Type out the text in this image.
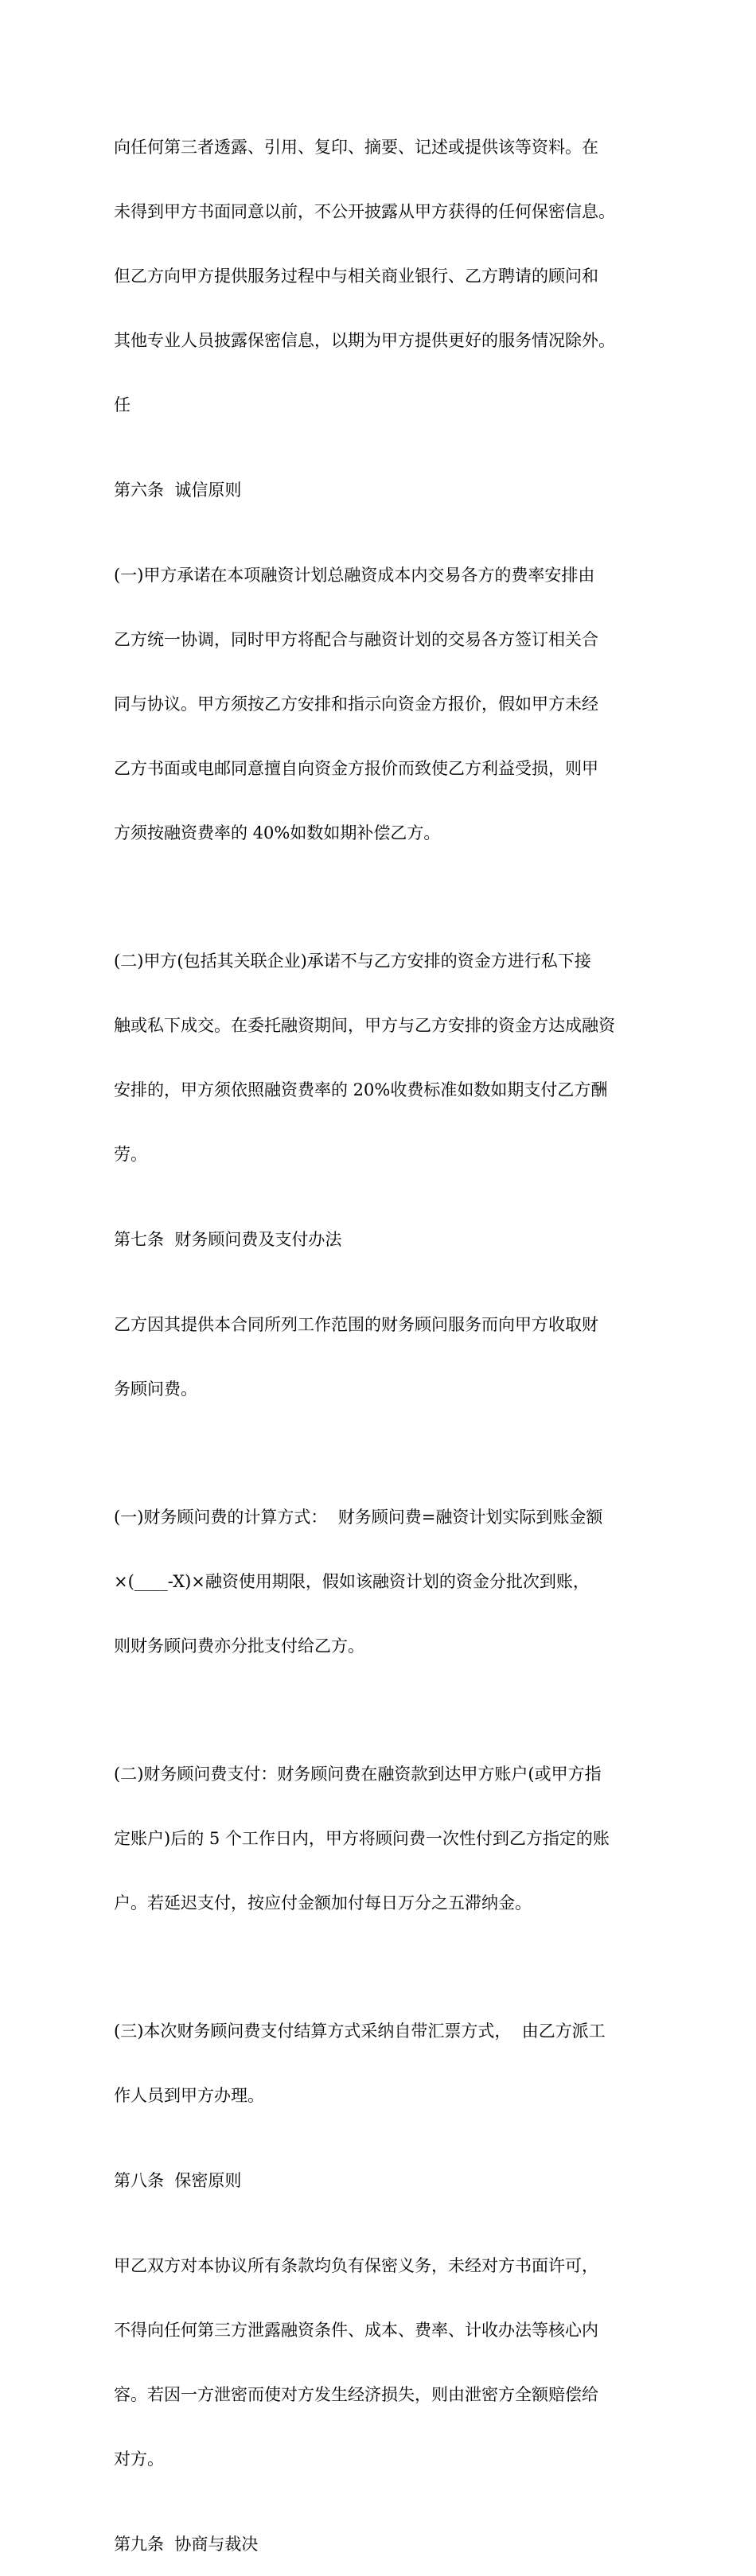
向任何第三者透露、引用、复印、摘要、记述或提供该等资料。在

未得到甲方书面同意以前，不公开披露从甲方获得的任何保密信息。

但乙方向甲方提供服务过程中与相关商业银行、乙方聘请的顾问和

其他专业人员披露保密信息，以期为甲方提供更好的服务情况除外。

任

第六条  诚信原则

(一)甲方承诺在本项融资计划总融资成本内交易各方的费率安排由

乙方统一协调，同时甲方将配合与融资计划的交易各方签订相关合

同与协议。甲方须按乙方安排和指示向资金方报价，假如甲方未经

乙方书面或电邮同意擅自向资金方报价而致使乙方利益受损，则甲

方须按融资费率的 40%如数如期补偿乙方。

(二)甲方(包括其关联企业)承诺不与乙方安排的资金方进行私下接

触或私下成交。在委托融资期间，甲方与乙方安排的资金方达成融资

安排的，甲方须依照融资费率的 20%收费标准如数如期支付乙方酬

劳。

第七条  财务顾问费及支付办法

乙方因其提供本合同所列工作范围的财务顾问服务而向甲方收取财

务顾问费。

(一)财务顾问费的计算方式：  财务顾问费=融资计划实际到账金额

×(____-X)×融资使用期限，假如该融资计划的资金分批次到账，

则财务顾问费亦分批支付给乙方。

(二)财务顾问费支付：财务顾问费在融资款到达甲方账户(或甲方指

定账户)后的 5 个工作日内，甲方将顾问费一次性付到乙方指定的账

户。若延迟支付，按应付金额加付每日万分之五滞纳金。

(三)本次财务顾问费支付结算方式采纳自带汇票方式，  由乙方派工

作人员到甲方办理。

第八条  保密原则

甲乙双方对本协议所有条款均负有保密义务，未经对方书面许可，

不得向任何第三方泄露融资条件、成本、费率、计收办法等核心内

容。若因一方泄密而使对方发生经济损失，则由泄密方全额赔偿给

对方。

第九条  协商与裁决
